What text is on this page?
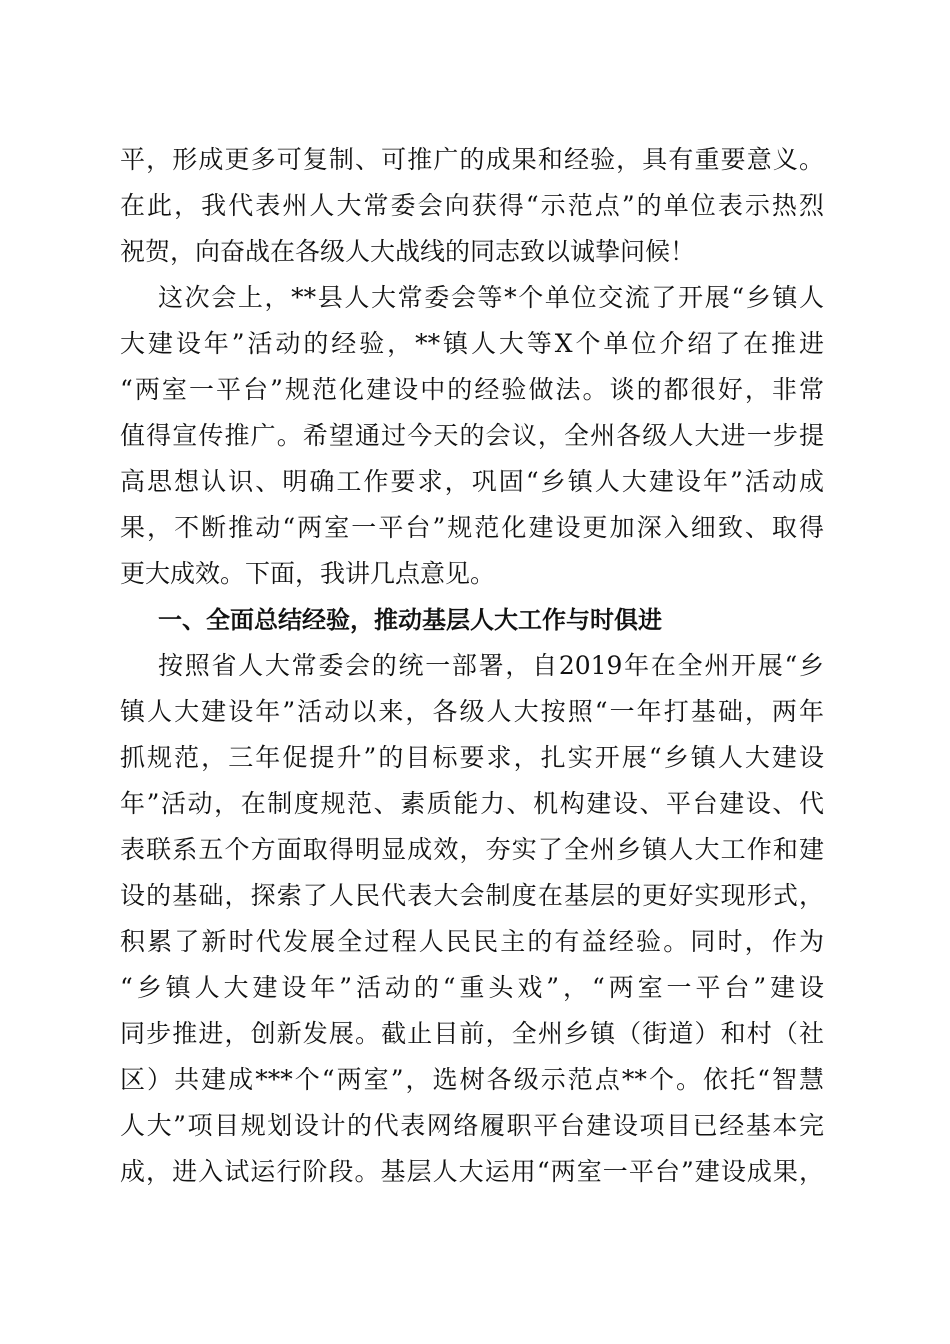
平，形成更多可复制、可推广的成果和经验，具有重要意义。
在此，我代表州人大常委会向获得“示范点”的单位表示热烈
祝贺，向奋战在各级人大战线的同志致以诚挚问候！
这次会上，**县人大常委会等*个单位交流了开展“乡镇人
大建设年”活动的经验，**镇人大等X个单位介绍了在推进
“两室一平台”规范化建设中的经验做法。谈的都很好，非常
值得宣传推广。希望通过今天的会议，全州各级人大进一步提
高思想认识、明确工作要求，巩固“乡镇人大建设年”活动成
果，不断推动“两室一平台”规范化建设更加深入细致、取得
更大成效。下面，我讲几点意见。
一、全面总结经验，推动基层人大工作与时俱进
按照省人大常委会的统一部署，自2019年在全州开展“乡
镇人大建设年”活动以来，各级人大按照“一年打基础，两年
抓规范，三年促提升”的目标要求，扎实开展“乡镇人大建设
年”活动，在制度规范、素质能力、机构建设、平台建设、代
表联系五个方面取得明显成效，夯实了全州乡镇人大工作和建
设的基础，探索了人民代表大会制度在基层的更好实现形式，
积累了新时代发展全过程人民民主的有益经验。同时，作为
“乡镇人大建设年”活动的“重头戏”，“两室一平台”建设
同步推进，创新发展。截止目前，全州乡镇（街道）和村（社
区）共建成***个“两室”，选树各级示范点**个。依托“智慧
人大”项目规划设计的代表网络履职平台建设项目已经基本完
成，进入试运行阶段。基层人大运用“两室一平台”建设成果，
